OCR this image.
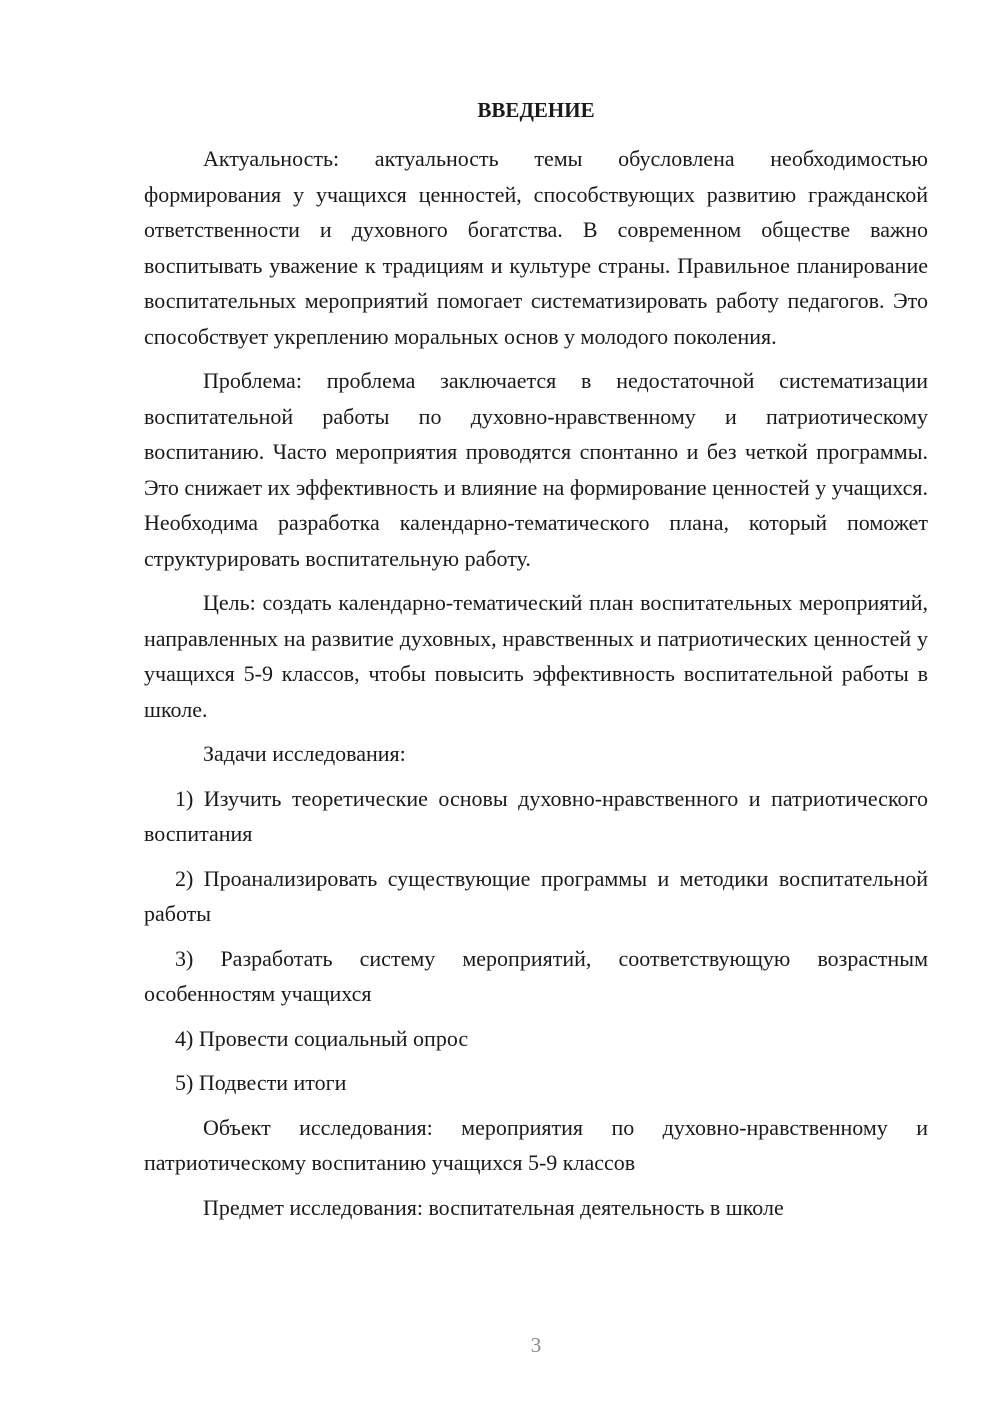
ВВЕДЕНИЕ

Актуальность: актуальность темы обусловлена необходимостью формирования у учащихся ценностей, способствующих развитию гражданской ответственности и духовного богатства. В современном обществе важно воспитывать уважение к традициям и культуре страны. Правильное планирование воспитательных мероприятий помогает систематизировать работу педагогов. Это способствует укреплению моральных основ у молодого поколения.

Проблема: проблема заключается в недостаточной систематизации воспитательной работы по духовно-нравственному и патриотическому воспитанию. Часто мероприятия проводятся спонтанно и без четкой программы. Это снижает их эффективность и влияние на формирование ценностей у учащихся. Необходима разработка календарно-тематического плана, который поможет структурировать воспитательную работу.

Цель: создать календарно-тематический план воспитательных мероприятий, направленных на развитие духовных, нравственных и патриотических ценностей у учащихся 5-9 классов, чтобы повысить эффективность воспитательной работы в школе.

Задачи исследования:

1) Изучить теоретические основы духовно-нравственного и патриотического воспитания

2) Проанализировать существующие программы и методики воспитательной работы

3) Разработать систему мероприятий, соответствующую возрастным особенностям учащихся

4) Провести социальный опрос

5) Подвести итоги

Объект исследования: мероприятия по духовно-нравственному и патриотическому воспитанию учащихся 5-9 классов

Предмет исследования: воспитательная деятельность в школе

3
